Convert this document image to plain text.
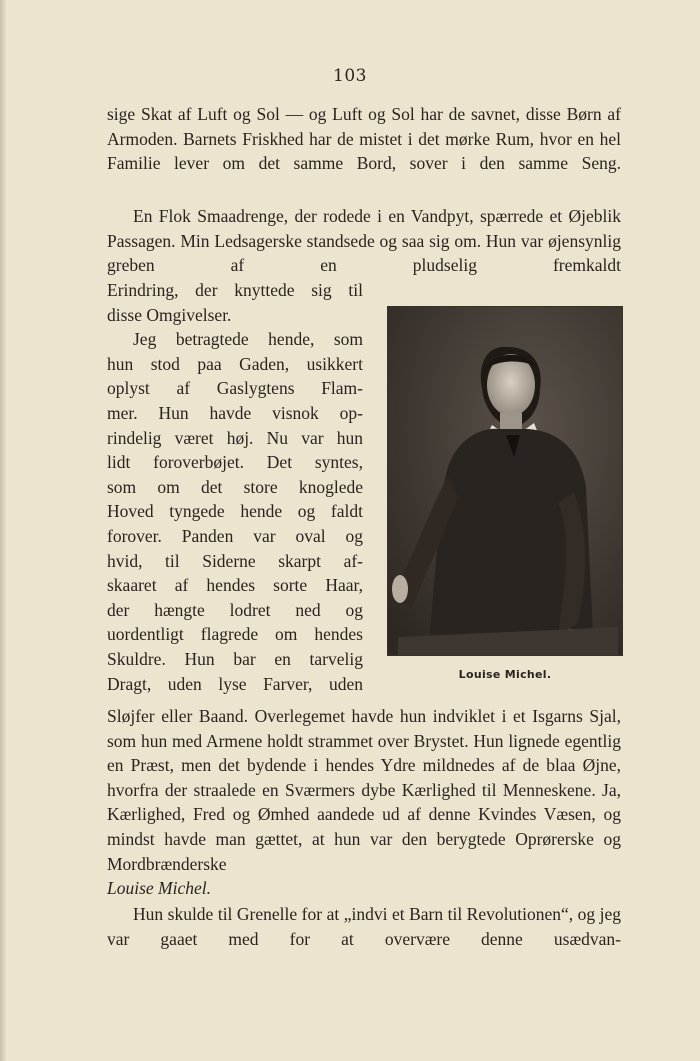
103
sige Skat af Luft og Sol — og Luft og Sol har de savnet, disse Børn af Armoden. Barnets Friskhed har de mistet i det mørke Rum, hvor en hel Familie lever om det samme Bord, sover i den samme Seng.
En Flok Smaadrenge, der rodede i en Vandpyt, spærrede et Øjeblik Passagen. Min Ledsagerske standsede og saa sig om. Hun var øjensynlig greben af en pludselig fremkaldt
Erindring, der knyttede sig til
disse Omgivelser.
Jeg betragtede hende, som
hun stod paa Gaden, usikkert
oplyst af Gaslygtens Flam-
mer. Hun havde visnok op-
rindelig været høj. Nu var hun
lidt foroverbøjet. Det syntes,
som om det store knoglede
Hoved tyngede hende og faldt
forover. Panden var oval og
hvid, til Siderne skarpt af-
skaaret af hendes sorte Haar,
der hængte lodret ned og
uordentligt flagrede om hendes
Skuldre. Hun bar en tarvelig
Dragt, uden lyse Farver, uden	Louise Michel.
Sløjfer eller Baand. Overlegemet havde hun indviklet i et Isgarns Sjal, som hun med Armene holdt strammet over Brystet. Hun lignede egentlig en Præst, men det bydende i hendes Ydre mildnedes af de blaa Øjne, hvorfra der straalede en Sværmers dybe Kærlighed til Menneskene. Ja, Kærlighed, Fred og Ømhed aandede ud af denne Kvindes Væsen, og mindst havde man gættet, at hun var den berygtede Oprørerske og Mordbrænderske
Louise Michel.
Hun skulde til Grenelle for at „indvi et Barn til Revolutionen“, og jeg var gaaet med for at overvære denne usædvan-
